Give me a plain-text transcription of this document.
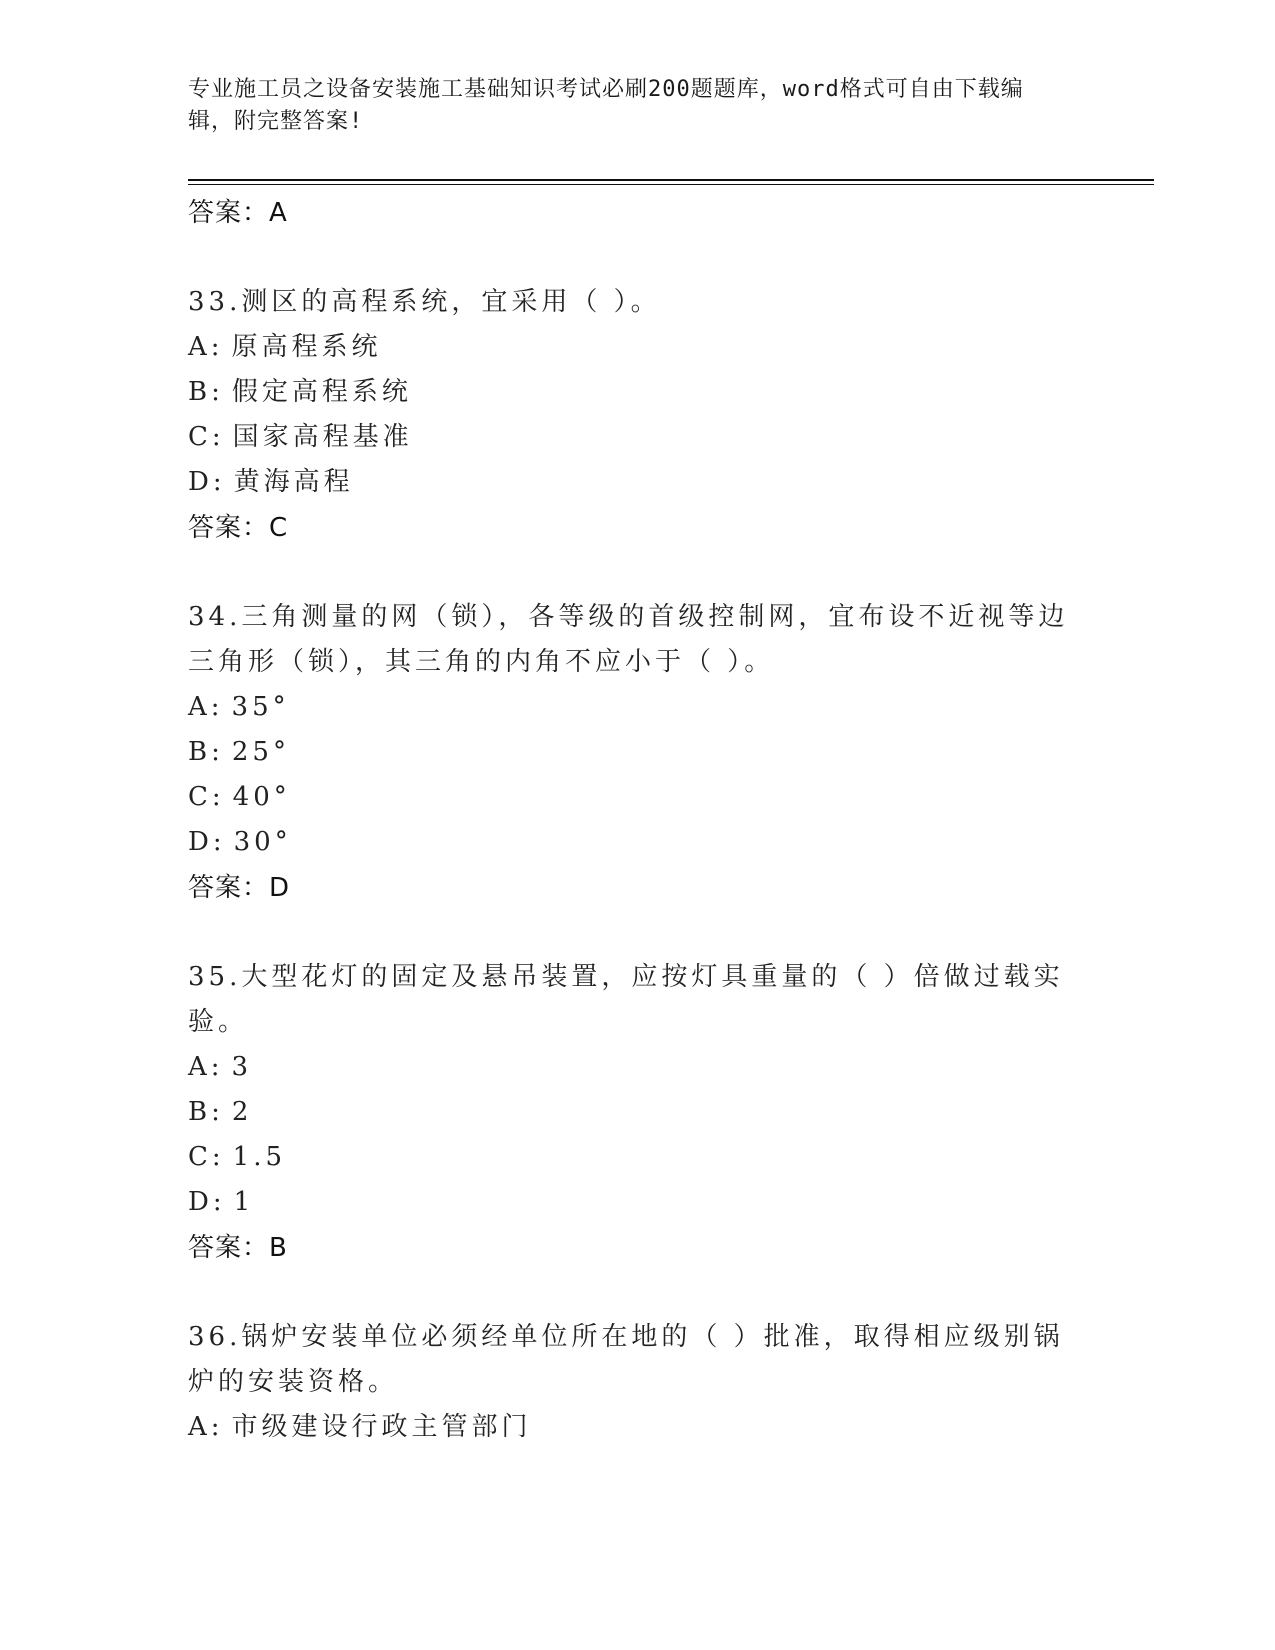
专业施工员之设备安装施工基础知识考试必刷200题题库，word格式可自由下载编辑，附完整答案!
答案：A
33.测区的高程系统，宜采用（ ）。
A: 原高程系统
B: 假定高程系统
C: 国家高程基准
D: 黄海高程
答案：C
34.三角测量的网（锁），各等级的首级控制网，宜布设不近视等边三角形（锁），其三角的内角不应小于（ ）。
A: 35°
B: 25°
C: 40°
D: 30°
答案：D
35.大型花灯的固定及悬吊装置，应按灯具重量的（ ）倍做过载实验。
A: 3
B: 2
C: 1.5
D: 1
答案：B
36.锅炉安装单位必须经单位所在地的（ ）批准，取得相应级别锅炉的安装资格。
A: 市级建设行政主管部门
